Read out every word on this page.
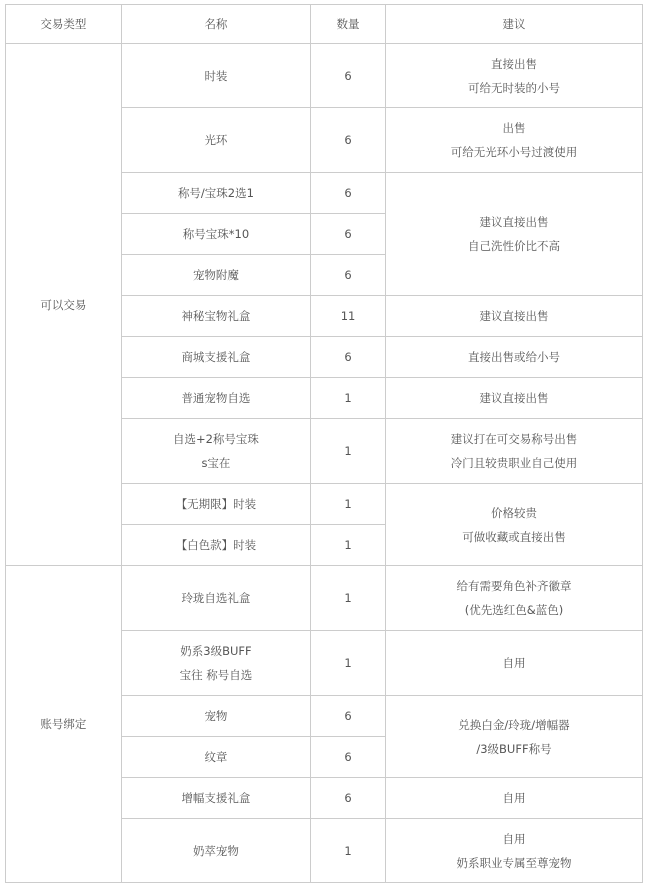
交易类型	名称	数量	建议
可以交易	时装	6	直接出售
可给无时装的小号

	光环	6	出售
可给无光环小号过渡使用

	称号/宝珠2选1	6	建议直接出售
自己洗性价比不高

	称号宝珠*10	6	

	宠物附魔	6	

	神秘宝物礼盒	11	建议直接出售

	商城支援礼盒	6	直接出售或给小号

	普通宠物自选	1	建议直接出售

	自选+2称号宝珠
s宝在	1	建议打在可交易称号出售
冷门且较贵职业自己使用

	【无期限】时装	1	价格较贵
可做收藏或直接出售

	【白色款】时装	1	
账号绑定	玲珑自选礼盒	1	给有需要角色补齐徽章
(优先选红色&蓝色)

	奶系3级BUFF
宝往 称号自选	1	自用

	宠物	6	兑换白金/玲珑/增幅器
/3级BUFF称号

	纹章	6	

	增幅支援礼盒	6	自用

	奶萃宠物	1	自用
奶系职业专属至尊宠物
